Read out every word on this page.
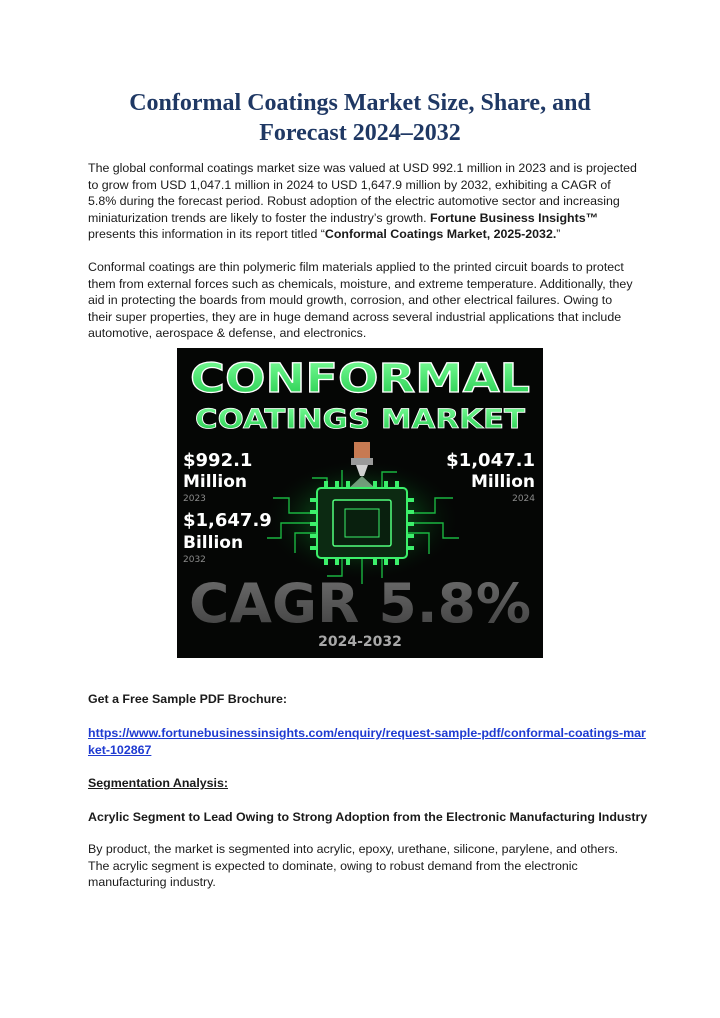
Conformal Coatings Market Size, Share, and
Forecast 2024–2032

The global conformal coatings market size was valued at USD 992.1 million in 2023 and is projected to grow from USD 1,047.1 million in 2024 to USD 1,647.9 million by 2032, exhibiting a CAGR of 5.8% during the forecast period. Robust adoption of the electric automotive sector and increasing miniaturization trends are likely to foster the industry’s growth. Fortune Business Insights™ presents this information in its report titled “Conformal Coatings Market, 2025-2032.”

Conformal coatings are thin polymeric film materials applied to the printed circuit boards to protect them from external forces such as chemicals, moisture, and extreme temperature. Additionally, they aid in protecting the boards from mould growth, corrosion, and other electrical failures. Owing to their super properties, they are in huge demand across several industrial applications that include automotive, aerospace & defense, and electronics.

CONFORMAL
COATINGS MARKET
$992.1
Million
2023
$1,047.1
Million
2024
$1,647.9
Billion
2032
CAGR 5.8%
2024-2032

Get a Free Sample PDF Brochure:

https://www.fortunebusinessinsights.com/enquiry/request-sample-pdf/conformal-coatings-market-102867

Segmentation Analysis:

Acrylic Segment to Lead Owing to Strong Adoption from the Electronic Manufacturing Industry

By product, the market is segmented into acrylic, epoxy, urethane, silicone, parylene, and others. The acrylic segment is expected to dominate, owing to robust demand from the electronic manufacturing industry.
